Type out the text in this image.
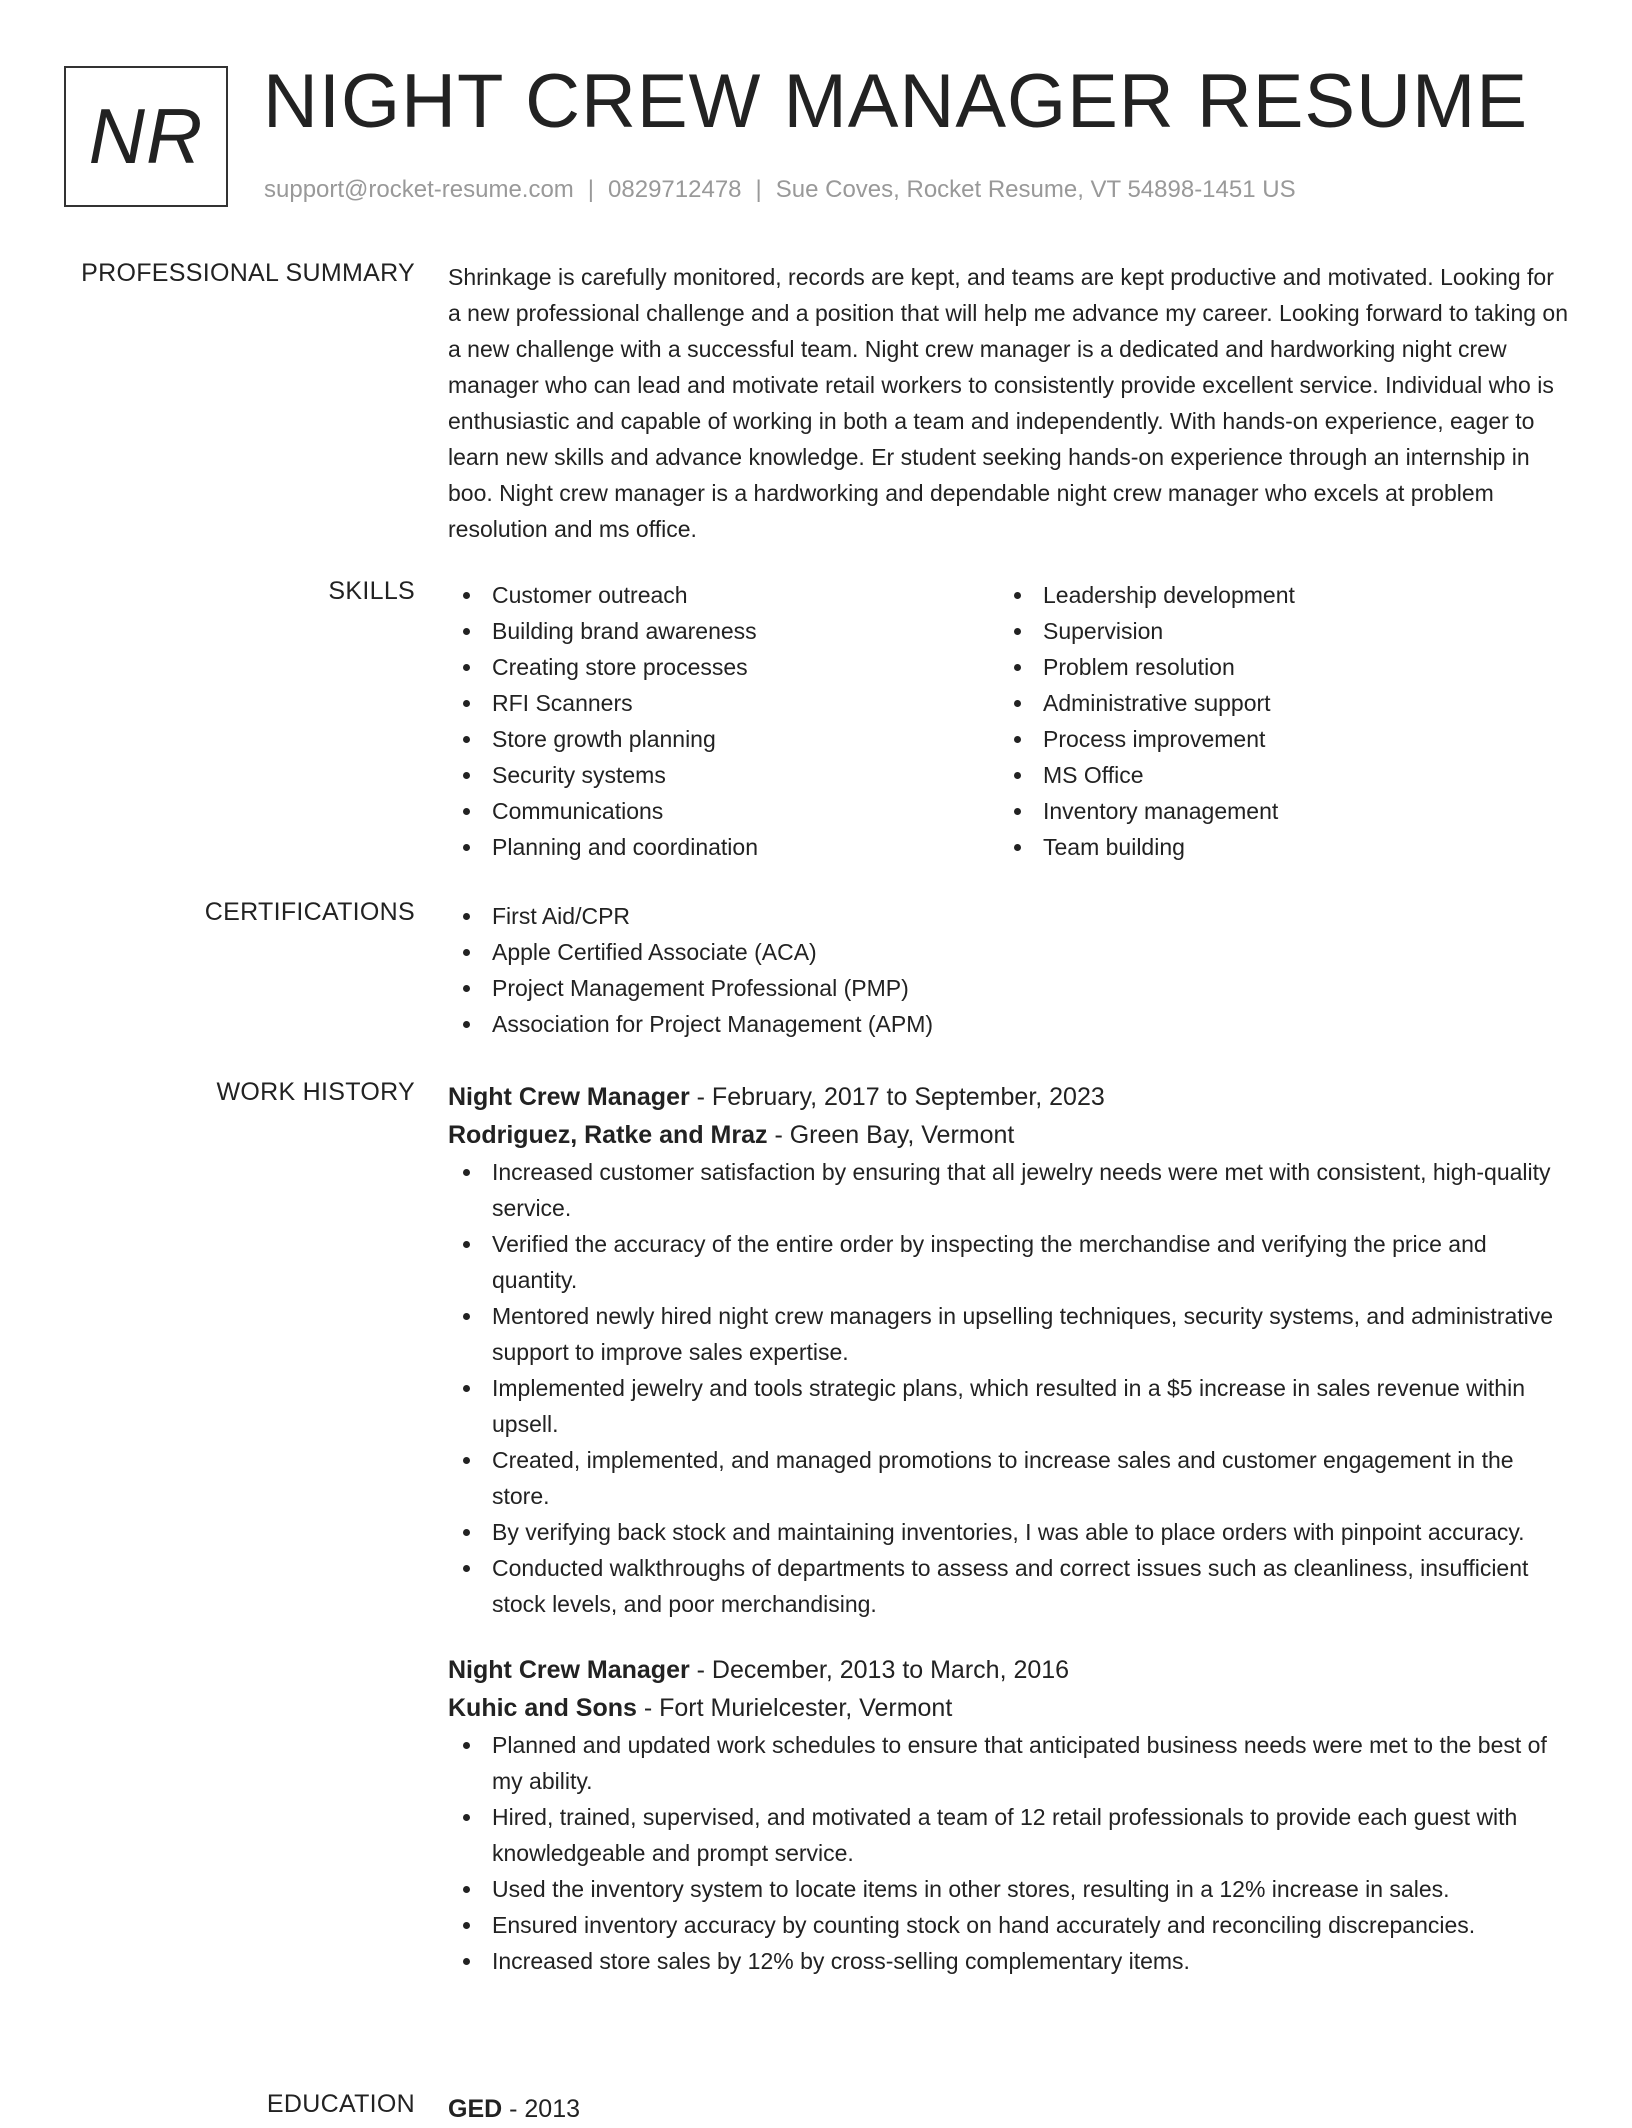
NR NIGHT CREW MANAGER RESUME
support@rocket-resume.com | 0829712478 | Sue Coves, Rocket Resume, VT 54898-1451 US
PROFESSIONAL SUMMARY Shrinkage is carefully monitored, records are kept, and teams are kept productive and motivated. Looking for a new professional challenge and a position that will help me advance my career. Looking forward to taking on a new challenge with a successful team. Night crew manager is a dedicated and hardworking night crew manager who can lead and motivate retail workers to consistently provide excellent service. Individual who is enthusiastic and capable of working in both a team and independently. With hands-on experience, eager to learn new skills and advance knowledge. Er student seeking hands-on experience through an internship in boo. Night crew manager is a hardworking and dependable night crew manager who excels at problem resolution and ms office.

SKILLS	Customer outreach
Building brand awareness
Creating store processes
RFI Scanners
Store growth planning
Security systems
Communications
Planning and coordination
Leadership development
Supervision
Problem resolution
Administrative support
Process improvement
MS Office
Inventory management
Team building
CERTIFICATIONS	First Aid/CPR
Apple Certified Associate (ACA)
Project Management Professional (PMP)
Association for Project Management (APM)
WORK HISTORY Night Crew Manager - February, 2017 to September, 2023
Rodriguez, Ratke and Mraz - Green Bay, Vermont
Increased customer satisfaction by ensuring that all jewelry needs were met with consistent, high-quality service.
Verified the accuracy of the entire order by inspecting the merchandise and verifying the price and quantity.
Mentored newly hired night crew managers in upselling techniques, security systems, and administrative support to improve sales expertise.
Implemented jewelry and tools strategic plans, which resulted in a $5 increase in sales revenue within upsell.
Created, implemented, and managed promotions to increase sales and customer engagement in the store.
By verifying back stock and maintaining inventories, I was able to place orders with pinpoint accuracy.
Conducted walkthroughs of departments to assess and correct issues such as cleanliness, insufficient stock levels, and poor merchandising.
Night Crew Manager - December, 2013 to March, 2016
Kuhic and Sons - Fort Murielcester, Vermont
Planned and updated work schedules to ensure that anticipated business needs were met to the best of my ability.
Hired, trained, supervised, and motivated a team of 12 retail professionals to provide each guest with knowledgeable and prompt service.
Used the inventory system to locate items in other stores, resulting in a 12% increase in sales.
Ensured inventory accuracy by counting stock on hand accurately and reconciling discrepancies.
Increased store sales by 12% by cross-selling complementary items.
EDUCATION GED - 2013
